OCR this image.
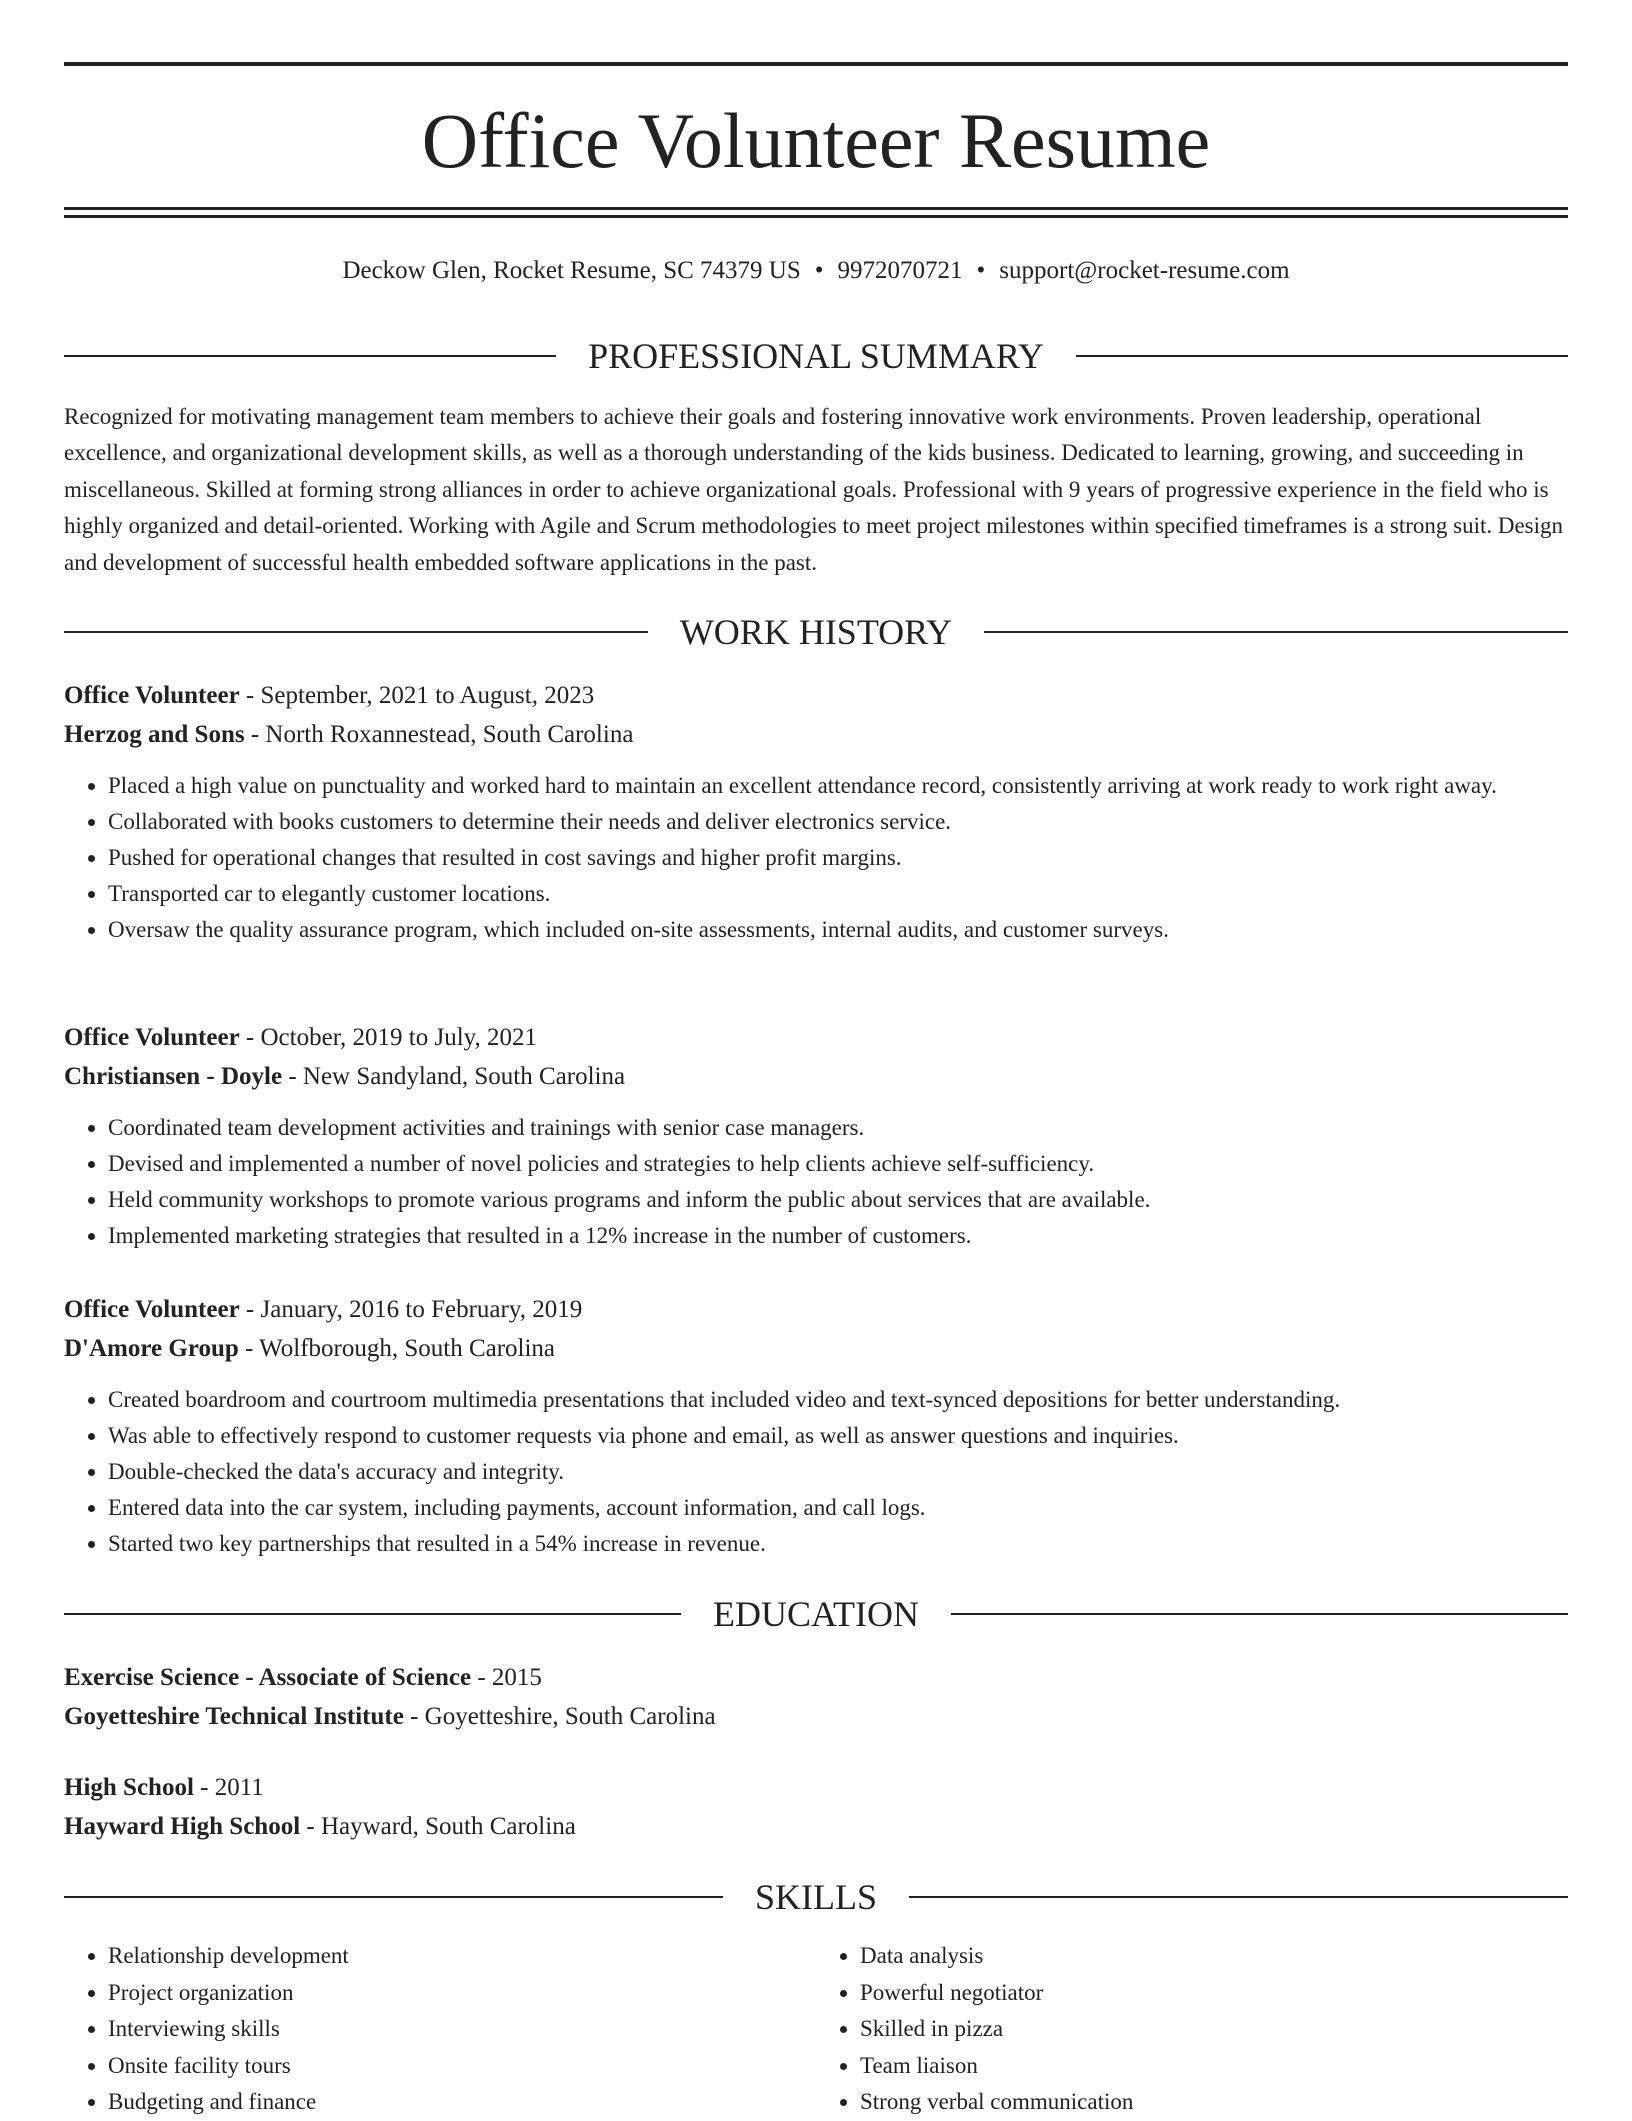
Office Volunteer Resume
Deckow Glen, Rocket Resume, SC 74379 US • 9972070721 • support@rocket-resume.com
PROFESSIONAL SUMMARY

Recognized for motivating management team members to achieve their goals and fostering innovative work environments. Proven leadership, operational excellence, and organizational development skills, as well as a thorough understanding of the kids business. Dedicated to learning, growing, and succeeding in miscellaneous. Skilled at forming strong alliances in order to achieve organizational goals. Professional with 9 years of progressive experience in the field who is highly organized and detail-oriented. Working with Agile and Scrum methodologies to meet project milestones within specified timeframes is a strong suit. Design and development of successful health embedded software applications in the past.

WORK HISTORY
Office Volunteer - September, 2021 to August, 2023
Herzog and Sons - North Roxannestead, South Carolina
• Placed a high value on punctuality and worked hard to maintain an excellent attendance record, consistently arriving at work ready to work right away.
• Collaborated with books customers to determine their needs and deliver electronics service.
• Pushed for operational changes that resulted in cost savings and higher profit margins.
• Transported car to elegantly customer locations.
• Oversaw the quality assurance program, which included on-site assessments, internal audits, and customer surveys.
Office Volunteer - October, 2019 to July, 2021
Christiansen - Doyle - New Sandyland, South Carolina
• Coordinated team development activities and trainings with senior case managers.
• Devised and implemented a number of novel policies and strategies to help clients achieve self-sufficiency.
• Held community workshops to promote various programs and inform the public about services that are available.
• Implemented marketing strategies that resulted in a 12% increase in the number of customers.
Office Volunteer - January, 2016 to February, 2019
D'Amore Group - Wolfborough, South Carolina
• Created boardroom and courtroom multimedia presentations that included video and text-synced depositions for better understanding.
• Was able to effectively respond to customer requests via phone and email, as well as answer questions and inquiries.
• Double-checked the data's accuracy and integrity.
• Entered data into the car system, including payments, account information, and call logs.
• Started two key partnerships that resulted in a 54% increase in revenue.
EDUCATION
Exercise Science - Associate of Science - 2015
Goyetteshire Technical Institute - Goyetteshire, South Carolina
High School - 2011
Hayward High School - Hayward, South Carolina
SKILLS
• Relationship development
• Project organization
• Interviewing skills
• Onsite facility tours
• Budgeting and finance
• Data analysis
• Powerful negotiator
• Skilled in pizza
• Team liaison
• Strong verbal communication
